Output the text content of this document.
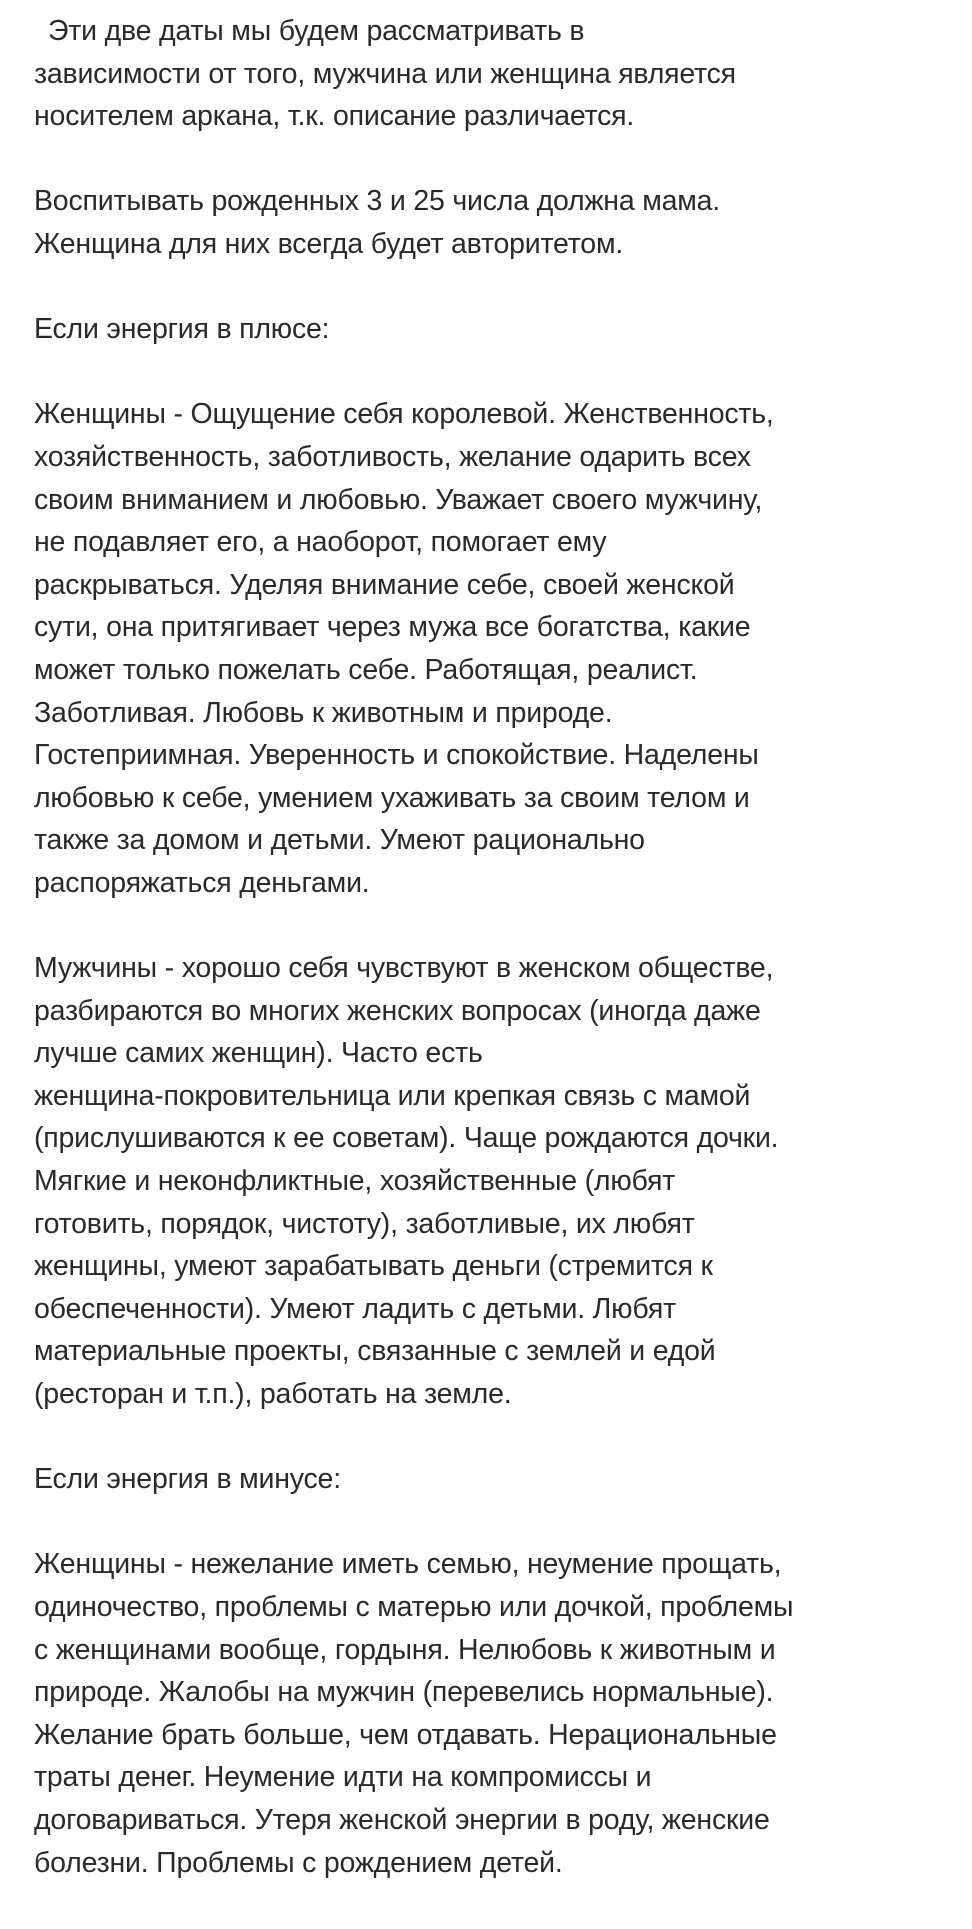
Эти две даты мы будем рассматривать в
зависимости от того, мужчина или женщина является
носителем аркана, т.к. описание различается.

Воспитывать рожденных 3 и 25 числа должна мама.
Женщина для них всегда будет авторитетом.

Если энергия в плюсе:

Женщины - Ощущение себя королевой. Женственность,
хозяйственность, заботливость, желание одарить всех
своим вниманием и любовью. Уважает своего мужчину,
не подавляет его, а наоборот, помогает ему
раскрываться. Уделяя внимание себе, своей женской
сути, она притягивает через мужа все богатства, какие
может только пожелать себе. Работящая, реалист.
Заботливая. Любовь к животным и природе.
Гостеприимная. Уверенность и спокойствие. Наделены
любовью к себе, умением ухаживать за своим телом и
также за домом и детьми. Умеют рационально
распоряжаться деньгами.

Мужчины - хорошо себя чувствуют в женском обществе,
разбираются во многих женских вопросах (иногда даже
лучше самих женщин). Часто есть
женщина-покровительница или крепкая связь с мамой
(прислушиваются к ее советам). Чаще рождаются дочки.
Мягкие и неконфликтные, хозяйственные (любят
готовить, порядок, чистоту), заботливые, их любят
женщины, умеют зарабатывать деньги (стремится к
обеспеченности). Умеют ладить с детьми. Любят
материальные проекты, связанные с землей и едой
(ресторан и т.п.), работать на земле.

Если энергия в минусе:

Женщины - нежелание иметь семью, неумение прощать,
одиночество, проблемы с матерью или дочкой, проблемы
с женщинами вообще, гордыня. Нелюбовь к животным и
природе. Жалобы на мужчин (перевелись нормальные).
Желание брать больше, чем отдавать. Нерациональные
траты денег. Неумение идти на компромиссы и
договариваться. Утеря женской энергии в роду, женские
болезни. Проблемы с рождением детей.
